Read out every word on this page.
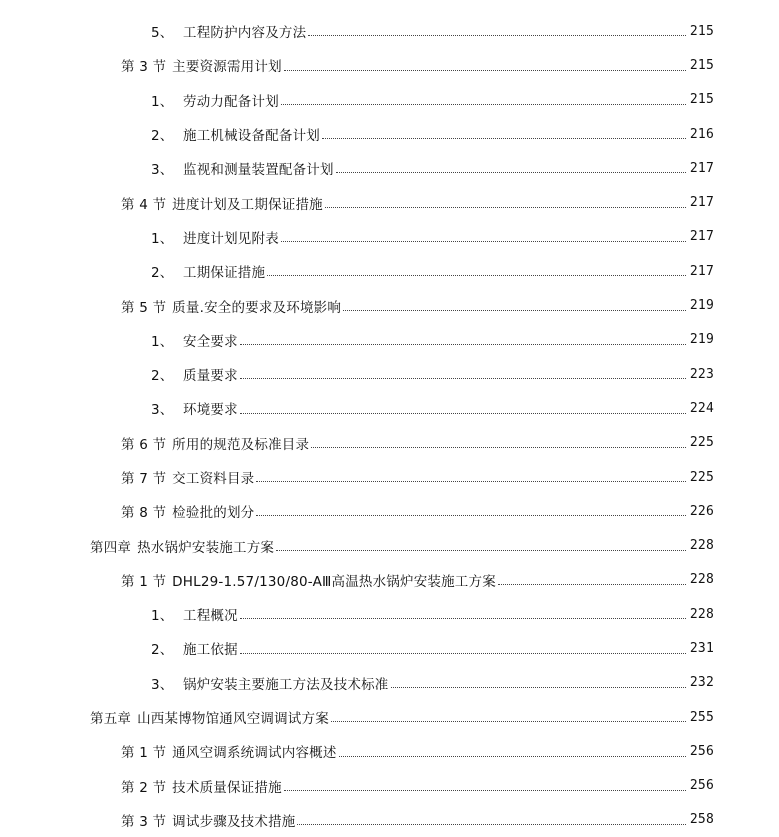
5、 工程防护内容及方法	215
第 3 节 主要资源需用计划	215
1、 劳动力配备计划	215
2、 施工机械设备配备计划	216
3、 监视和测量装置配备计划	217
第 4 节 进度计划及工期保证措施	217
1、 进度计划见附表	217
2、 工期保证措施	217
第 5 节 质量.安全的要求及环境影响	219
1、 安全要求	219
2、 质量要求	223
3、 环境要求	224
第 6 节 所用的规范及标准目录	225
第 7 节 交工资料目录	225
第 8 节 检验批的划分	226
第四章 热水锅炉安装施工方案	228
第 1 节 DHL29-1.57/130/80-AⅢ高温热水锅炉安装施工方案	228
1、 工程概况	228
2、 施工依据	231
3、 锅炉安装主要施工方法及技术标准	232
第五章 山西某博物馆通风空调调试方案	255
第 1 节 通风空调系统调试内容概述	256
第 2 节 技术质量保证措施	256
第 3 节 调试步骤及技术措施	258
